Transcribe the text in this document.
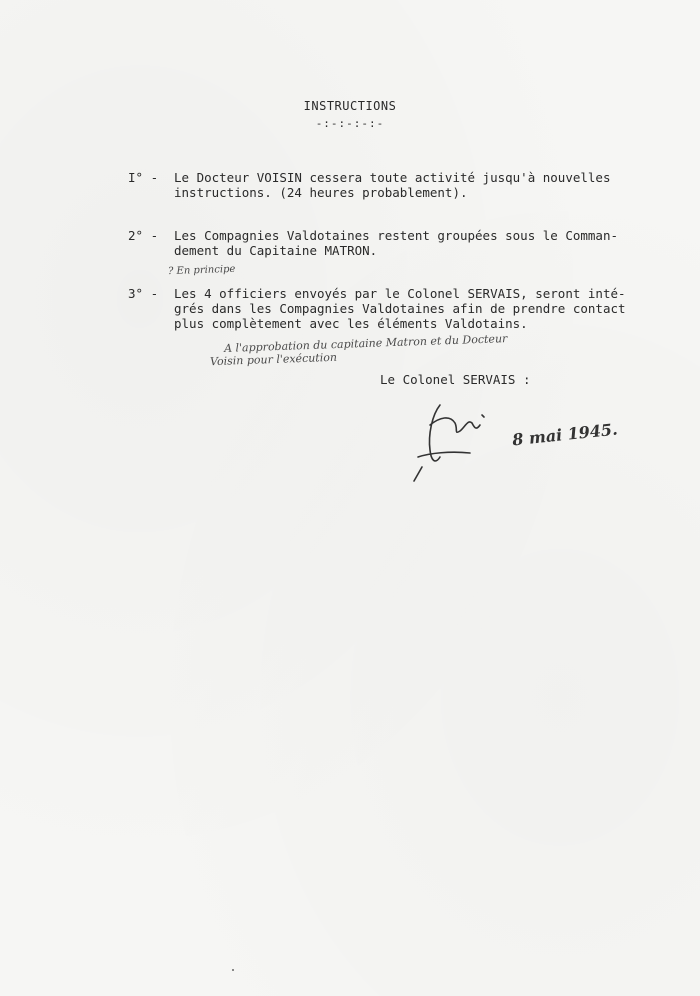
INSTRUCTIONS
-:-:-:-:-
I° -	Le Docteur VOISIN cessera toute activité jusqu'à nouvelles
instructions. (24 heures probablement).
2° -	Les Compagnies Valdotaines restent groupées sous le Comman-
dement du Capitaine MATRON.
? En principe
3° -	Les 4 officiers envoyés par le Colonel SERVAIS, seront inté-
grés dans les Compagnies Valdotaines afin de prendre contact
plus complètement avec les éléments Valdotains.
A l'approbation du capitaine Matron et du Docteur
Voisin pour l'exécution
Le Colonel SERVAIS :
8 mai 1945.
